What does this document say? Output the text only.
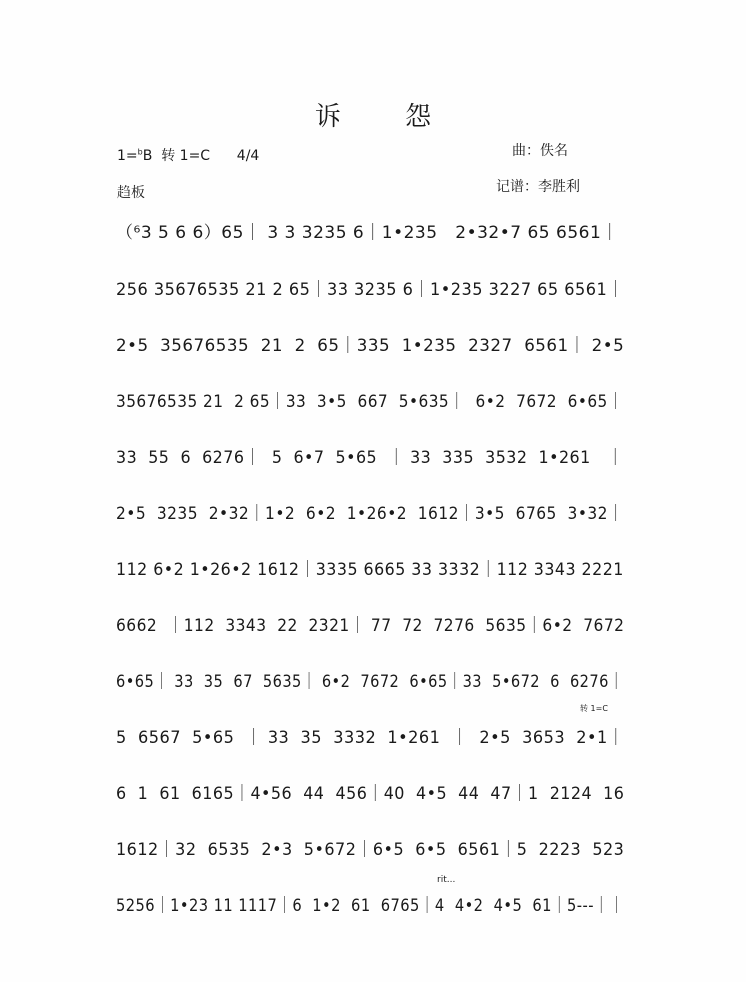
诉 怨
1=$^b$B  转 1=C      4/4	曲：佚名
趋板	记谱：李胜利
（⁶3 5 6 6）65｜ 3 3 3235 6｜1•235   2•32•7 65 6561｜
256 35676535 21 2 65｜33 3235 6｜1•235 3227 65 6561｜
2•5  35676535  21  2  65｜335  1•235  2327  6561｜ 2•5
35676535 21  2 65｜33  3•5  667  5•635｜  6•2  7672  6•65｜
33  55  6  6276｜  5  6•7  5•65  ｜ 33  335  3532  1•261   ｜
2•5  3235  2•32｜1•2  6•2  1•26•2  1612｜3•5  6765  3•32｜
112 6•2 1•26•2 1612｜3335 6665 33 3332｜112 3343 2221
6662  ｜112  3343  22  2321｜ 77  72  7276  5635｜6•2  7672
6•65｜ 33  35  67  5635｜ 6•2  7672  6•65｜33  5•672  6  6276｜
5  6567  5•65  ｜ 33  35  3332  1•261  ｜  2•5  3653  2•1｜
6  1  61  6165｜4•56  44  456｜40  4•5  44  47｜1  2124  16
1612｜32  6535  2•3  5•672｜6•5  6•5  6561｜5  2223  523
5256｜1•23 11 1117｜6  1•2  61  6765｜4  4•2  4•5  61｜5---｜｜
转 1=C
rit...
